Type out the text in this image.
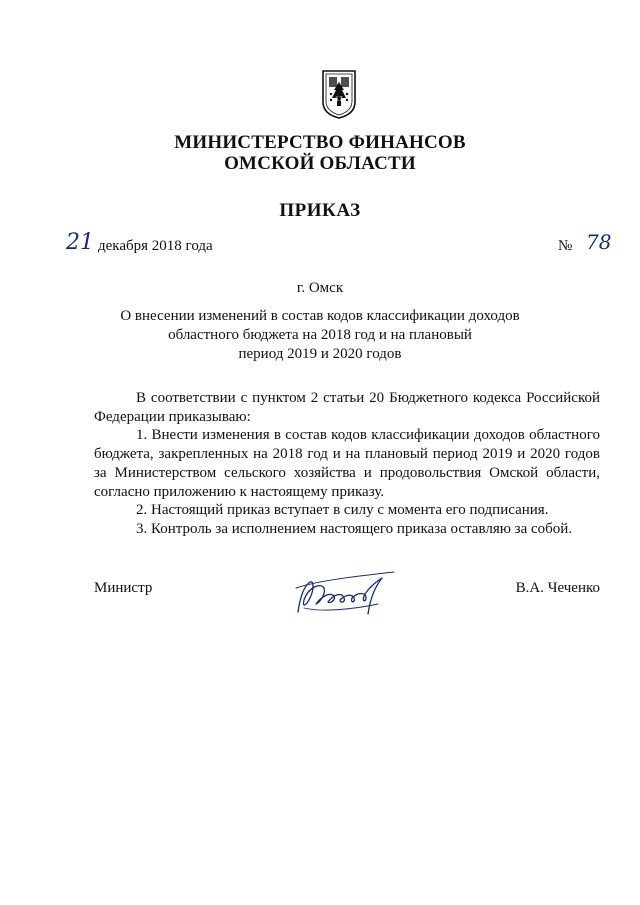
17
МИНИСТЕРСТВО ФИНАНСОВ
ОМСКОЙ ОБЛАСТИ
ПРИКАЗ
21 декабря 2018 года	№ 78
г. Омск
О внесении изменений в состав кодов классификации доходов
областного бюджета на 2018 год и на плановый
период 2019 и 2020 годов

В соответствии с пунктом 2 статьи 20 Бюджетного кодекса Российской Федерации приказываю:

1. Внести изменения в состав кодов классификации доходов областного бюджета, закрепленных на 2018 год и на плановый период 2019 и 2020 годов за Министерством сельского хозяйства и продовольствия Омской области, согласно приложению к настоящему приказу.

2. Настоящий приказ вступает в силу с момента его подписания.

3. Контроль за исполнением настоящего приказа оставляю за собой.

Министр	В.А. Чеченко
